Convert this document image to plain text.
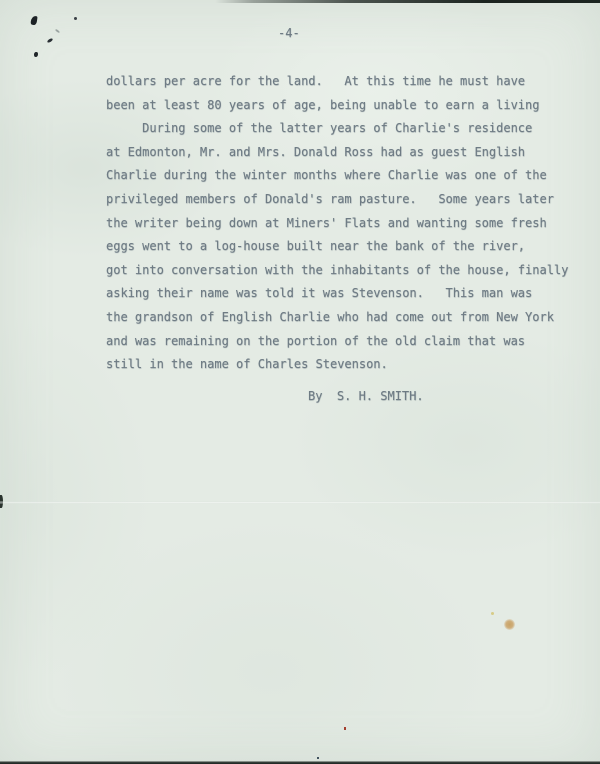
-4-
dollars per acre for the land.   At this time he must have
been at least 80 years of age, being unable to earn a living
During some of the latter years of Charlie's residence
at Edmonton, Mr. and Mrs. Donald Ross had as guest English
Charlie during the winter months where Charlie was one of the
privileged members of Donald's ram pasture.   Some years later
the writer being down at Miners' Flats and wanting some fresh
eggs went to a log-house built near the bank of the river,
got into conversation with the inhabitants of the house, finally
asking their name was told it was Stevenson.   This man was
the grandson of English Charlie who had come out from New York
and was remaining on the portion of the old claim that was
still in the name of Charles Stevenson.
By  S. H. SMITH.
